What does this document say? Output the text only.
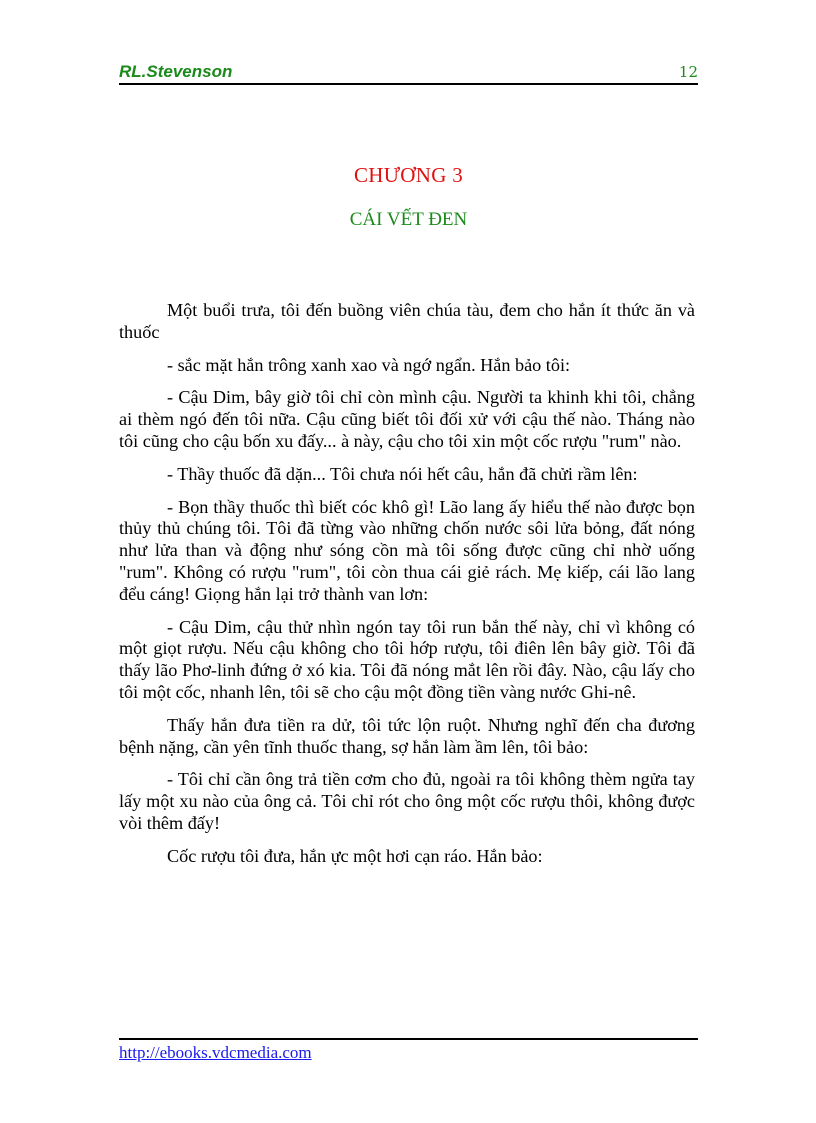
RL.Stevenson	12
CHƯƠNG 3
CÁI VẾT ĐEN

Một buổi trưa, tôi đến buồng viên chúa tàu, đem cho hắn ít thức ăn và thuốc

- sắc mặt hắn trông xanh xao và ngớ ngẩn. Hắn bảo tôi:

- Cậu Dim, bây giờ tôi chỉ còn mình cậu. Người ta khinh khi tôi, chẳng ai thèm ngó đến tôi nữa. Cậu cũng biết tôi đối xử với cậu thế nào. Tháng nào tôi cũng cho cậu bốn xu đấy... à này, cậu cho tôi xin một cốc rượu "rum" nào.

- Thầy thuốc đã dặn... Tôi chưa nói hết câu, hắn đã chửi rầm lên:

- Bọn thầy thuốc thì biết cóc khô gì! Lão lang ấy hiểu thế nào được bọn thủy thủ chúng tôi. Tôi đã từng vào những chốn nước sôi lửa bỏng, đất nóng như lửa than và động như sóng cồn mà tôi sống được cũng chỉ nhờ uống "rum". Không có rượu "rum", tôi còn thua cái giẻ rách. Mẹ kiếp, cái lão lang đểu cáng! Giọng hắn lại trở thành van lơn:

- Cậu Dim, cậu thử nhìn ngón tay tôi run bắn thế này, chỉ vì không có một giọt rượu. Nếu cậu không cho tôi hớp rượu, tôi điên lên bây giờ. Tôi đã thấy lão Phơ-linh đứng ở xó kia. Tôi đã nóng mắt lên rồi đây. Nào, cậu lấy cho tôi một cốc, nhanh lên, tôi sẽ cho cậu một đồng tiền vàng nước Ghi-nê.

Thấy hắn đưa tiền ra dử, tôi tức lộn ruột. Nhưng nghĩ đến cha đương bệnh nặng, cần yên tĩnh thuốc thang, sợ hắn làm ầm lên, tôi bảo:

- Tôi chỉ cần ông trả tiền cơm cho đủ, ngoài ra tôi không thèm ngửa tay lấy một xu nào của ông cả. Tôi chỉ rót cho ông một cốc rượu thôi, không được vòi thêm đấy!

Cốc rượu tôi đưa, hắn ực một hơi cạn ráo. Hắn bảo:

http://ebooks.vdcmedia.com
